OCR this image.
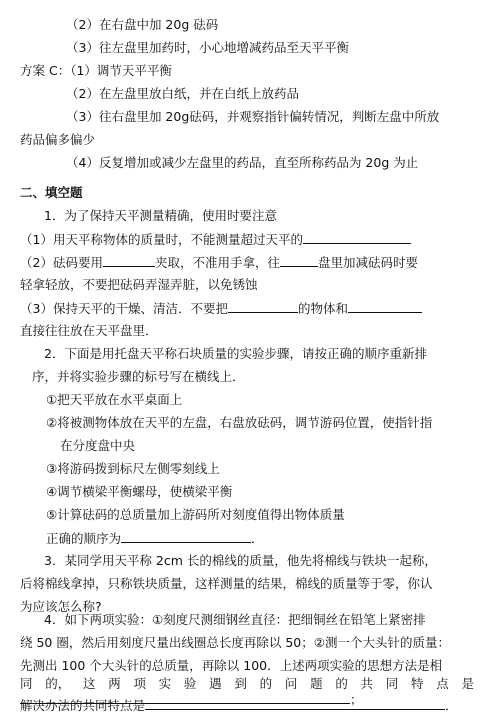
（2）在右盘中加 20g 砝码
（3）往左盘里加药时，小心地增减药品至天平平衡
方案 C：（1）调节天平平衡
（2）在左盘里放白纸，并在白纸上放药品
（3）往右盘里加 20g砝码，并观察指针偏转情况，判断左盘中所放
药品偏多偏少
（4）反复增加或减少左盘里的药品，直至所称药品为 20g 为止
二、填空题
1．为了保持天平测量精确，使用时要注意
（1）用天平称物体的质量时，不能测量超过天平的
（2）砝码要用	夹取，不准用手拿，往	盘里加减砝码时要
轻拿轻放，不要把砝码弄湿弄脏，以免锈蚀
（3）保持天平的干燥、清洁．不要把	的物体和
直接往往放在天平盘里．
2．下面是用托盘天平称石块质量的实验步骤，请按正确的顺序重新排
序，并将实验步骤的标号写在横线上．
①把天平放在水平桌面上
②将被测物体放在天平的左盘，右盘放砝码，调节游码位置，使指针指
在分度盘中央
③将游码拨到标尺左侧零刻线上
④调节横梁平衡螺母，使横梁平衡
⑤计算砝码的总质量加上游码所对刻度值得出物体质量
正确的顺序为	．
3．某同学用天平称 2cm 长的棉线的质量，他先将棉线与铁块一起称，
后将棉线拿掉，只称铁块质量，这样测量的结果，棉线的质量等于零，你认
为应该怎么称?
4．如下两项实验：①刻度尺测细钢丝直径：把细铜丝在铅笔上紧密排
绕 50 圈，然后用刻度尺量出线圈总长度再除以 50；②测一个大头针的质量：
先测出 100 个大头针的总质量，再除以 100．上述两项实验的思想方法是相
同 的， 这 两 项 实 验 遇 到 的 问 题 的 共 同 特 点 是
；
解决办法的共同特点是	．
